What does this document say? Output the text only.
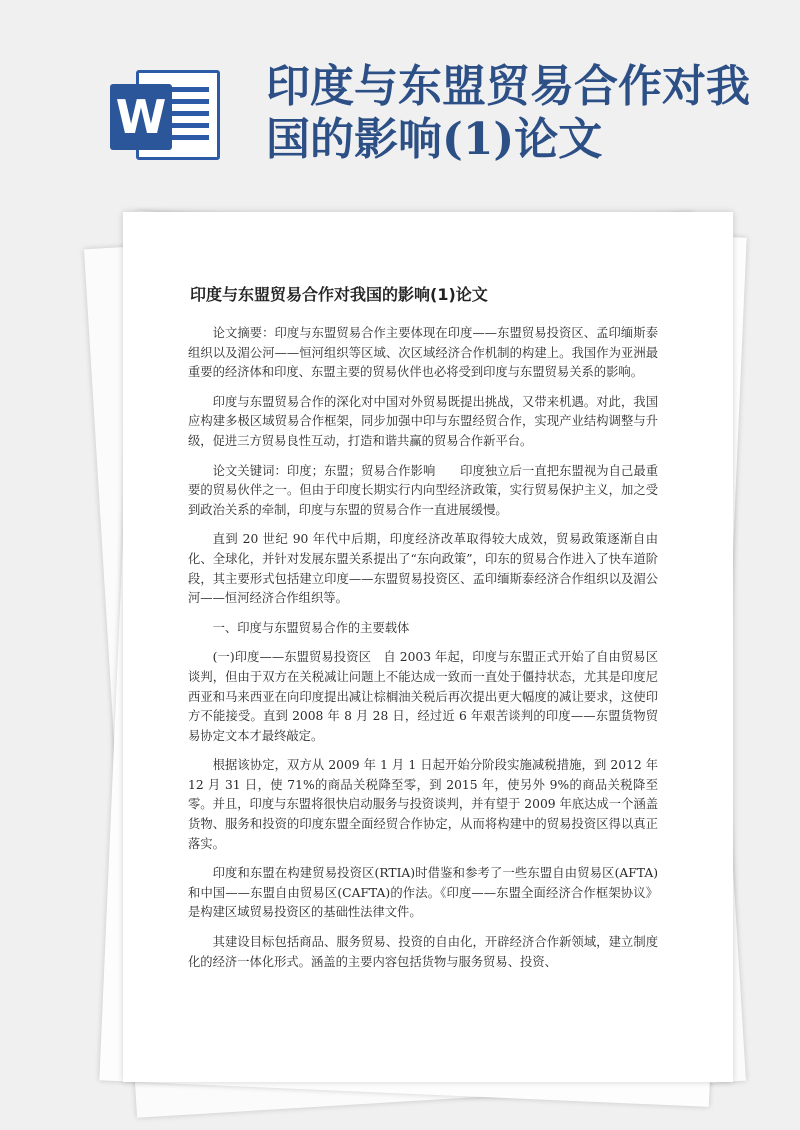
W
印度与东盟贸易合作对我国的影响(1)论文
印度与东盟贸易合作对我国的影响(1)论文

论文摘要：印度与东盟贸易合作主要体现在印度——东盟贸易投资区、孟印缅斯泰组织以及湄公河——恒河组织等区域、次区域经济合作机制的构建上。我国作为亚洲最重要的经济体和印度、东盟主要的贸易伙伴也必将受到印度与东盟贸易关系的影响。

印度与东盟贸易合作的深化对中国对外贸易既提出挑战，又带来机遇。对此，我国应构建多极区域贸易合作框架，同步加强中印与东盟经贸合作，实现产业结构调整与升级，促进三方贸易良性互动，打造和谐共赢的贸易合作新平台。

论文关键词：印度；东盟；贸易合作影响　　印度独立后一直把东盟视为自己最重要的贸易伙伴之一。但由于印度长期实行内向型经济政策，实行贸易保护主义，加之受到政治关系的牵制，印度与东盟的贸易合作一直进展缓慢。

直到 20 世纪 90 年代中后期，印度经济改革取得较大成效，贸易政策逐渐自由化、全球化，并针对发展东盟关系提出了“东向政策”，印东的贸易合作进入了快车道阶段，其主要形式包括建立印度——东盟贸易投资区、孟印缅斯泰经济合作组织以及湄公河——恒河经济合作组织等。

一、印度与东盟贸易合作的主要载体

(一)印度——东盟贸易投资区　自 2003 年起，印度与东盟正式开始了自由贸易区谈判，但由于双方在关税减让问题上不能达成一致而一直处于僵持状态，尤其是印度尼西亚和马来西亚在向印度提出减让棕榈油关税后再次提出更大幅度的减让要求，这使印方不能接受。直到 2008 年 8 月 28 日，经过近 6 年艰苦谈判的印度——东盟货物贸易协定文本才最终敲定。

根据该协定，双方从 2009 年 1 月 1 日起开始分阶段实施减税措施，到 2012 年 12 月 31 日，使 71%的商品关税降至零，到 2015 年，使另外 9%的商品关税降至零。并且，印度与东盟将很快启动服务与投资谈判，并有望于 2009 年底达成一个涵盖货物、服务和投资的印度东盟全面经贸合作协定，从而将构建中的贸易投资区得以真正落实。

印度和东盟在构建贸易投资区(RTIA)时借鉴和参考了一些东盟自由贸易区(AFTA)和中国——东盟自由贸易区(CAFTA)的作法。《印度——东盟全面经济合作框架协议》是构建区域贸易投资区的基础性法律文件。

其建设目标包括商品、服务贸易、投资的自由化，开辟经济合作新领域，建立制度化的经济一体化形式。涵盖的主要内容包括货物与服务贸易、投资、
